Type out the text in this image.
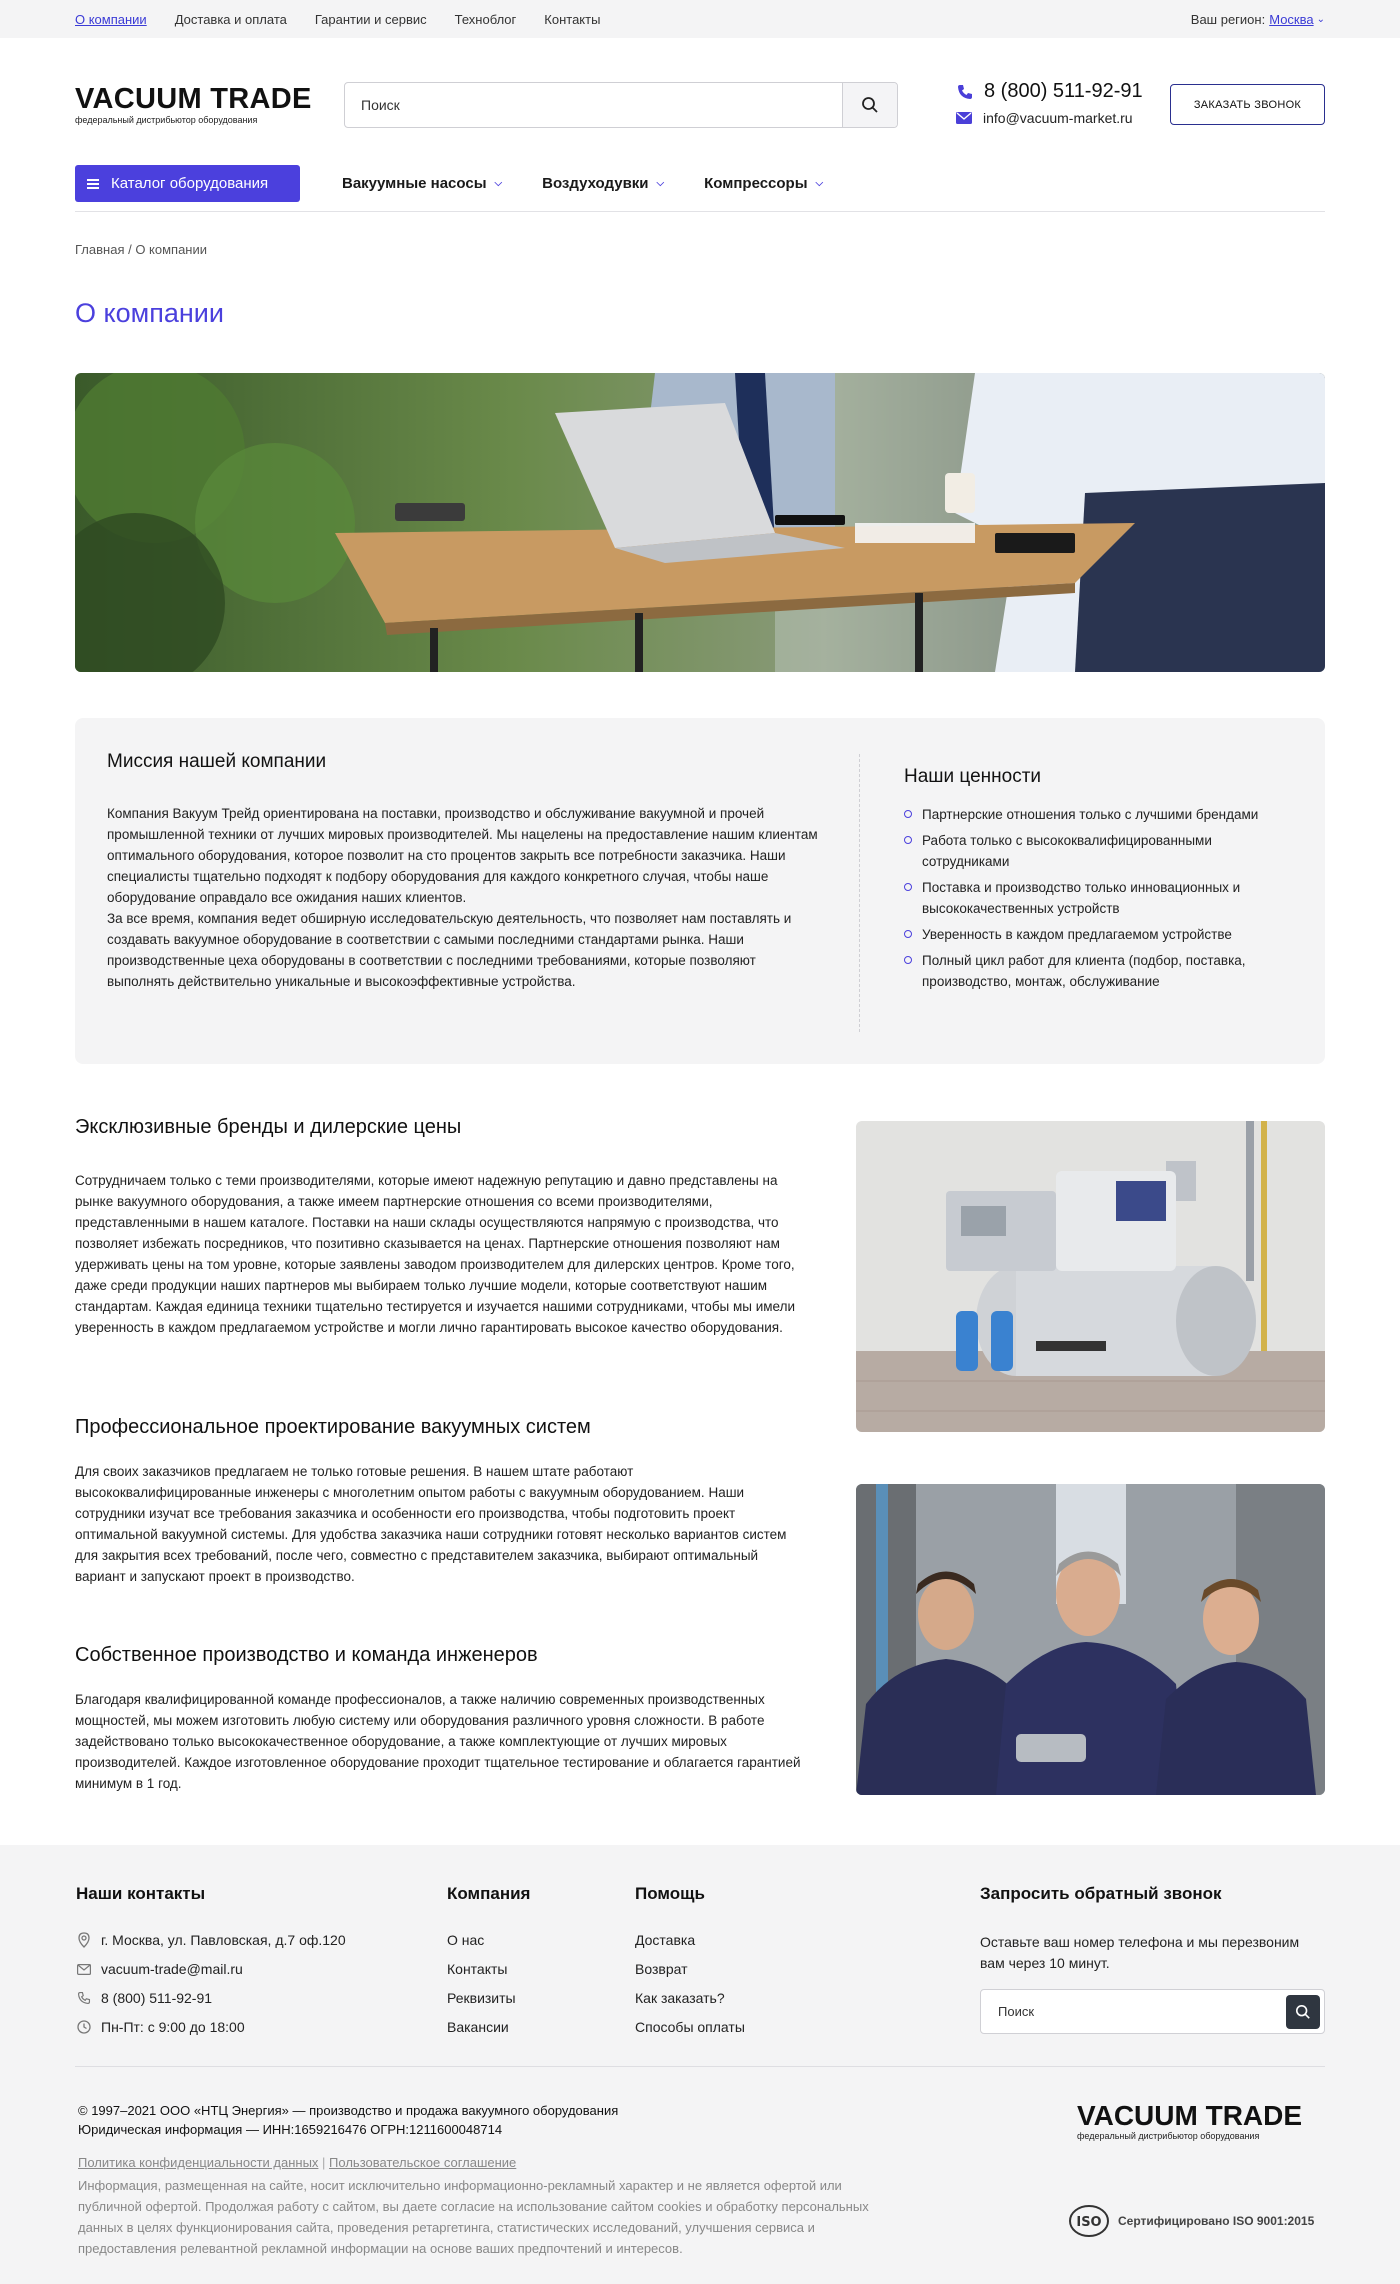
О компании Доставка и оплата Гарантии и сервис Техноблог Контакты	Ваш регион: Москва ⌄
VACUUM TRADE
федеральный дистрибьютор оборудования
Поиск
8 (800) 511-92-91
info@vacuum-market.ru
ЗАКАЗАТЬ ЗВОНОК
Каталог оборудования	Вакуумные насосы ⌵	Воздуходувки ⌵	Компрессоры ⌵
Главная / О компании
О компании
Миссия нашей компании

Компания Вакуум Трейд ориентирована на поставки, производство и обслуживание вакуумной и прочей промышленной техники от лучших мировых производителей. Мы нацелены на предоставление нашим клиентам оптимального оборудования, которое позволит на сто процентов закрыть все потребности заказчика. Наши специалисты тщательно подходят к подбору оборудования для каждого конкретного случая, чтобы наше оборудование оправдало все ожидания наших клиентов.

За все время, компания ведет обширную исследовательскую деятельность, что позволяет нам поставлять и создавать вакуумное оборудование в соответствии с самыми последними стандартами рынка. Наши производственные цеха оборудованы в соответствии с последними требованиями, которые позволяют выполнять действительно уникальные и высокоэффективные устройства.

Наши ценности
Партнерские отношения только с лучшими брендами
Работа только с высококвалифицированными сотрудниками
Поставка и производство только инновационных и высококачественных устройств
Уверенность в каждом предлагаемом устройстве
Полный цикл работ для клиента (подбор, поставка, производство, монтаж, обслуживание
Эксклюзивные бренды и дилерские цены
Сотрудничаем только с теми производителями, которые имеют надежную репутацию и давно представлены на рынке вакуумного оборудования, а также имеем партнерские отношения со всеми производителями, представленными в нашем каталоге. Поставки на наши склады осуществляются напрямую с производства, что позволяет избежать посредников, что позитивно сказывается на ценах. Партнерские отношения позволяют нам удерживать цены на том уровне, которые заявлены заводом производителем для дилерских центров. Кроме того, даже среди продукции наших партнеров мы выбираем только лучшие модели, которые соответствуют нашим стандартам. Каждая единица техники тщательно тестируется и изучается нашими сотрудниками, чтобы мы имели уверенность в каждом предлагаемом устройстве и могли лично гарантировать высокое качество оборудования.
Профессиональное проектирование вакуумных систем
Для своих заказчиков предлагаем не только готовые решения. В нашем штате работают высококвалифицированные инженеры с многолетним опытом работы с вакуумным оборудованием. Наши сотрудники изучат все требования заказчика и особенности его производства, чтобы подготовить проект оптимальной вакуумной системы. Для удобства заказчика наши сотрудники готовят несколько вариантов систем для закрытия всех требований, после чего, совместно с представителем заказчика, выбирают оптимальный вариант и запускают проект в производство.
Собственное производство и команда инженеров
Благодаря квалифицированной команде профессионалов, а также наличию современных производственных мощностей, мы можем изготовить любую систему или оборудования различного уровня сложности. В работе задействовано только высококачественное оборудование, а также комплектующие от лучших мировых производителей. Каждое изготовленное оборудование проходит тщательное тестирование и облагается гарантией минимум в 1 год.
Наши контакты
г. Москва, ул. Павловская, д.7 оф.120
vacuum-trade@mail.ru
8 (800) 511-92-91
Пн-Пт: с 9:00 до 18:00
Компания
О нас
Контакты
Реквизиты
Вакансии
Помощь
Доставка
Возврат
Как заказать?
Способы оплаты
Запросить обратный звонок
Оставьте ваш номер телефона и мы перезвоним вам через 10 минут.
Поиск
© 1997–2021 ООО «НТЦ Энергия» — производство и продажа вакуумного оборудования
Юридическая информация — ИНН:1659216476 ОГРН:1211600048714
Политика конфиденциальности данных | Пользовательское соглашение
Информация, размещенная на сайте, носит исключительно информационно-рекламный характер и не является офертой или публичной офертой. Продолжая работу с сайтом, вы даете согласие на использование сайтом cookies и обработку персональных данных в целях функционирования сайта, проведения ретаргетинга, статистических исследований, улучшения сервиса и предоставления релевантной рекламной информации на основе ваших предпочтений и интересов.
VACUUM TRADE
федеральный дистрибьютор оборудования
ISO Сертифицировано ISO 9001:2015
